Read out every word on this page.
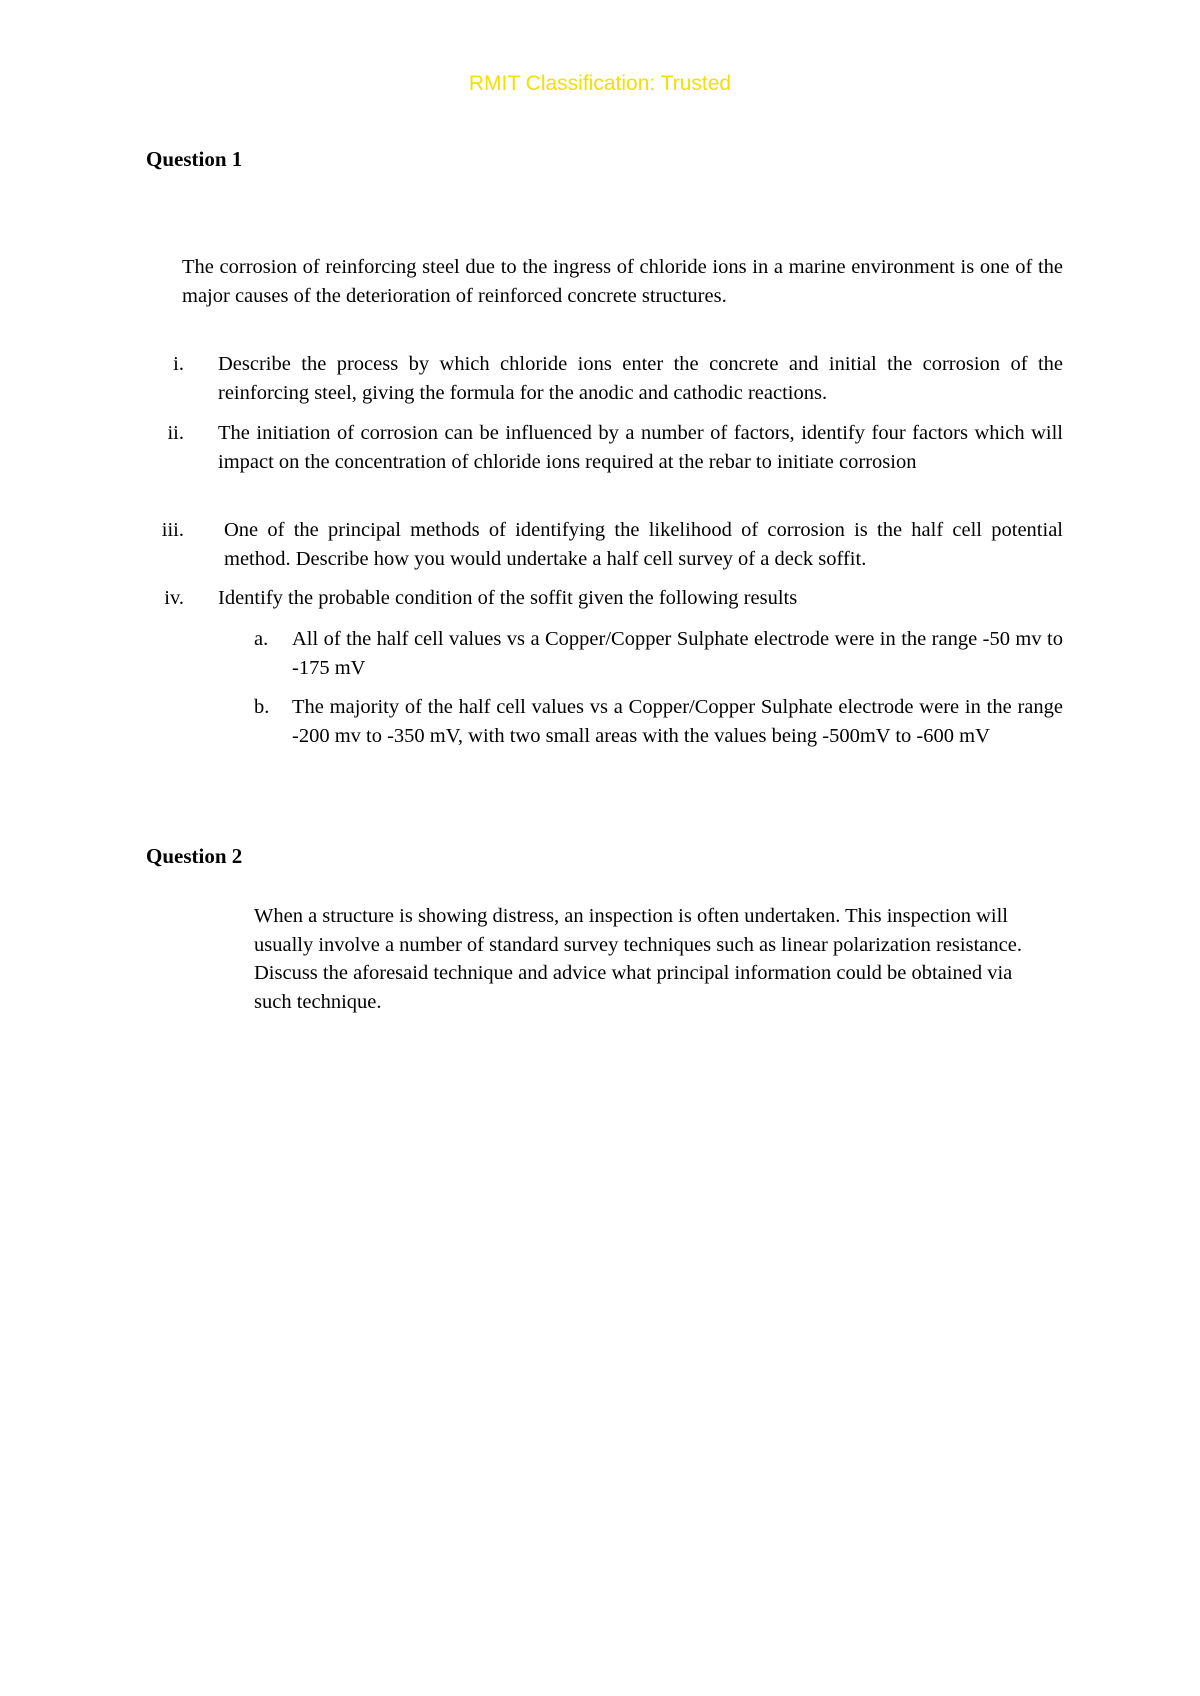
RMIT Classification: Trusted
Question 1
The corrosion of reinforcing steel due to the ingress of chloride ions in a marine environment is one of the major causes of the deterioration of reinforced concrete structures.
i. Describe the process by which chloride ions enter the concrete and initial the corrosion of the reinforcing steel, giving the formula for the anodic and cathodic reactions.
ii. The initiation of corrosion can be influenced by a number of factors, identify four factors which will impact on the concentration of chloride ions required at the rebar to initiate corrosion
iii. One of the principal methods of identifying the likelihood of corrosion is the half cell potential method. Describe how you would undertake a half cell survey of a deck soffit.
iv. Identify the probable condition of the soffit given the following results
a.	All of the half cell values vs a Copper/Copper Sulphate electrode were in the range -50 mv to -175 mV
b.	The majority of the half cell values vs a Copper/Copper Sulphate electrode were in the range -200 mv to -350 mV, with two small areas with the values being -500mV to -600 mV
Question 2
When a structure is showing distress, an inspection is often undertaken. This inspection will usually involve a number of standard survey techniques such as linear polarization resistance. Discuss the aforesaid technique and advice what principal information could be obtained via such technique.
